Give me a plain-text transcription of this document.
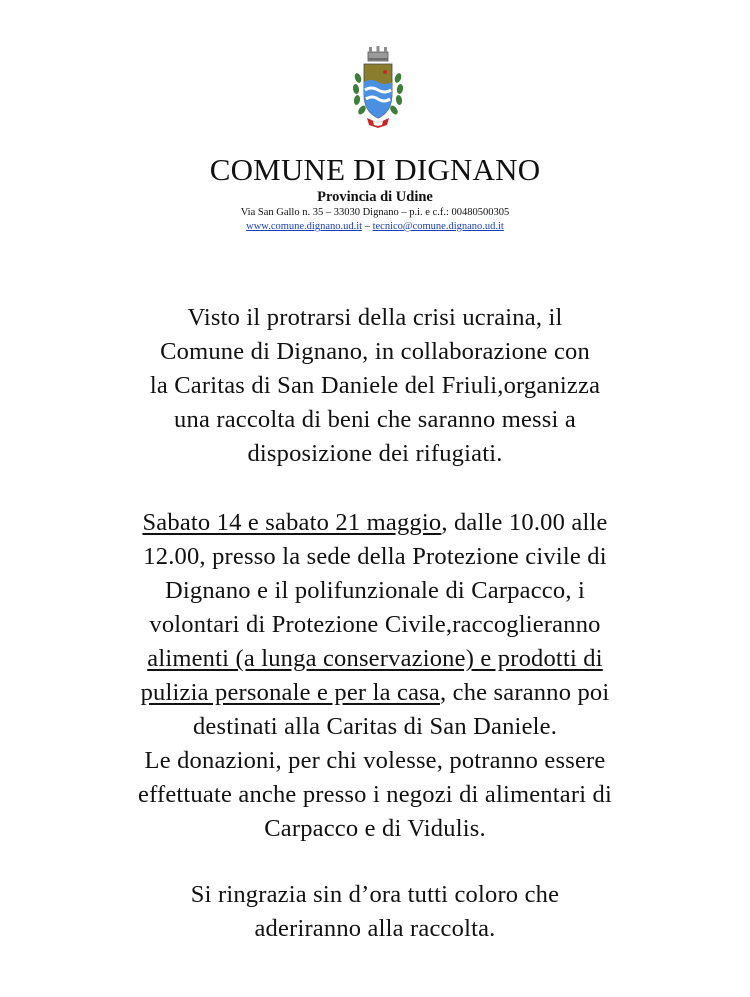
COMUNE DI DIGNANO
Provincia di Udine
Via San Gallo n. 35 – 33030 Dignano – p.i. e c.f.: 00480500305
www.comune.dignano.ud.it – tecnico@comune.dignano.ud.it
Visto il protrarsi della crisi ucraina, il
Comune di Dignano, in collaborazione con
la Caritas di San Daniele del Friuli,organizza
una raccolta di beni che saranno messi a
disposizione dei rifugiati.
Sabato 14 e sabato 21 maggio, dalle 10.00 alle
12.00, presso la sede della Protezione civile di
Dignano e il polifunzionale di Carpacco, i
volontari di Protezione Civile,raccoglieranno
alimenti (a lunga conservazione) e prodotti di
pulizia personale e per la casa, che saranno poi
destinati alla Caritas di San Daniele.
Le donazioni, per chi volesse, potranno essere
effettuate anche presso i negozi di alimentari di
Carpacco e di Vidulis.
Si ringrazia sin d’ora tutti coloro che
aderiranno alla raccolta.
